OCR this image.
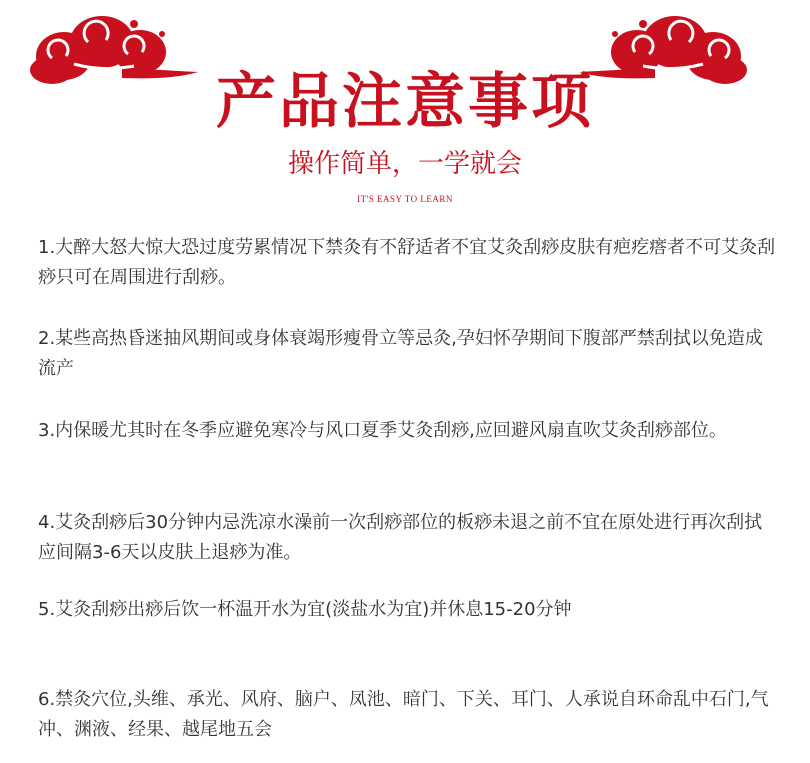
产品注意事项
操作简单，一学就会
IT'S EASY TO LEARN
1.大醉大怒大惊大恐过度劳累情况下禁灸有不舒适者不宜艾灸刮痧皮肤有疤疙瘩者不可艾灸刮痧只可在周围进行刮痧。
2.某些高热昏迷抽风期间或身体衰竭形瘦骨立等忌灸,孕妇怀孕期间下腹部严禁刮拭以免造成流产
3.内保暖尤其时在冬季应避免寒冷与风口夏季艾灸刮痧,应回避风扇直吹艾灸刮痧部位。
4.艾灸刮痧后30分钟内忌洗凉水澡前一次刮痧部位的板痧未退之前不宜在原处进行再次刮拭应间隔3-6天以皮肤上退痧为准。
5.艾灸刮痧出痧后饮一杯温开水为宜(淡盐水为宜)并休息15-20分钟
6.禁灸穴位,头维、承光、风府、脑户、凤池、暗门、下关、耳门、人承说自环命乱中石门,气冲、渊液、经果、越尾地五会
